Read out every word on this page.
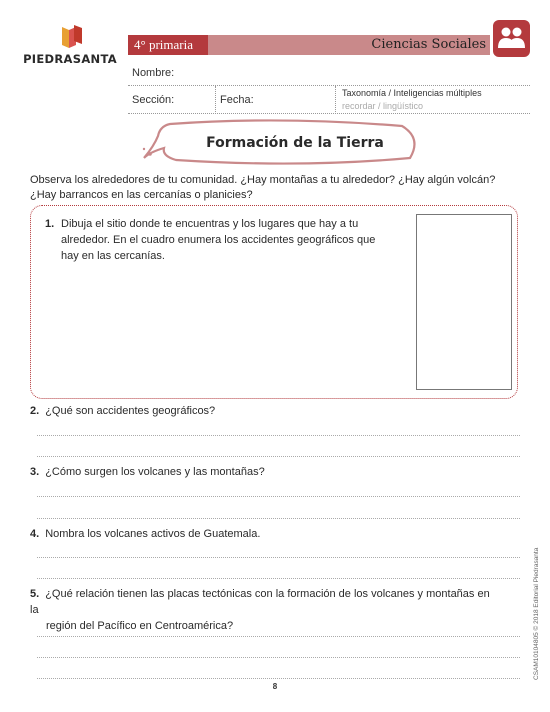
PIEDRASANTA
4° primaria	Ciencias Sociales
Nombre:
Sección:	Fecha:
Taxonomía / Inteligencias múltiples
recordar / lingüístico
Formación de la Tierra
Observa los alrededores de tu comunidad. ¿Hay montañas a tu alrededor? ¿Hay algún volcán? ¿Hay barrancos en las cercanías o planicies?
1. Dibuja el sitio donde te encuentras y los lugares que hay a tu alrededor. En el cuadro enumera los accidentes geográficos que hay en las cercanías.
2. ¿Qué son accidentes geográficos?
3. ¿Cómo surgen los volcanes y las montañas?
4. Nombra los volcanes activos de Guatemala.
5. ¿Qué relación tienen las placas tectónicas con la formación de los volcanes y montañas en la
región del Pacífico en Centroamérica?	CSAM10104805 © 2018 Editorial Piedrasanta
8
